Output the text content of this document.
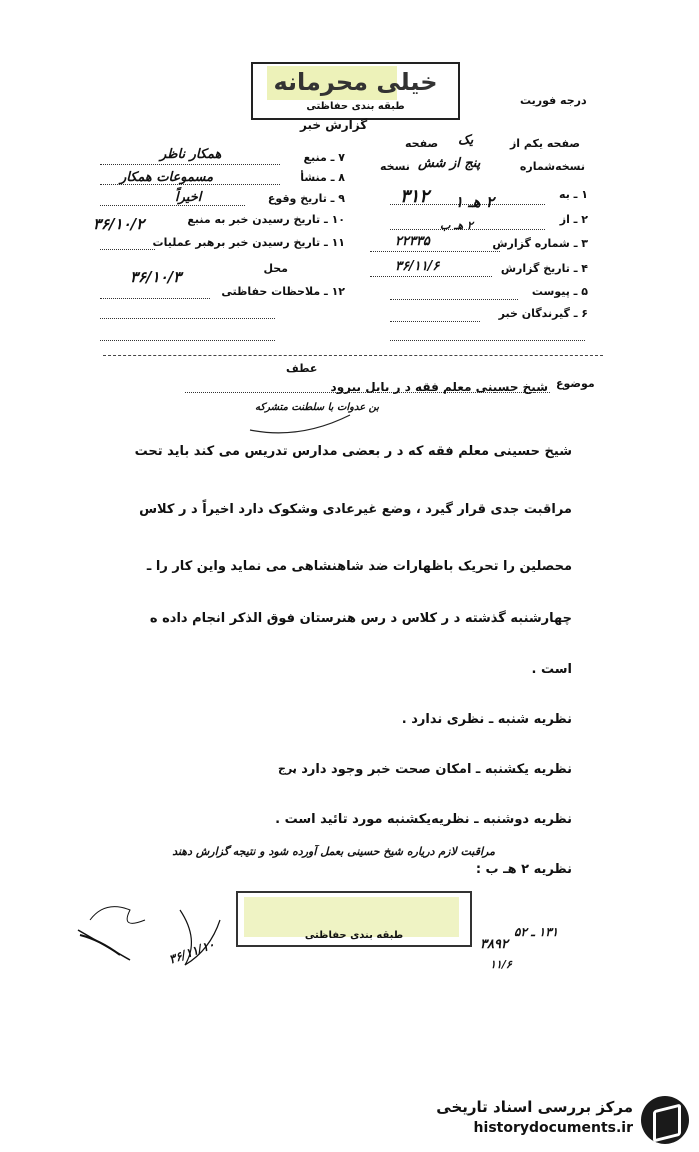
خیلی محرمانه
طبقه بندی حفاظتی	درجه فوریت
گزارش خبر
صفحه یکم از
یک
صفحه
نسخه‌شماره
پنج از شش
نسخه
۱ ـ به
۳۱۲
۲ ـ از
۲ هـ ۱
۲ هـ ب
۳ ـ شماره گزارش
۲۲۳۳۵
۴ ـ تاریخ گزارش
۳۶/۱۱/۶
۵ ـ پیوست
۶ ـ گیرندگان خبر
۷ ـ منبع
همکار ناظر
۸ ـ منشأ
مسموعات همکار
۹ ـ تاریخ وقوع
اخیراً
۱۰ ـ تاریخ رسیدن خبر به منبع
۳۶/۱۰/۲
۱۱ ـ تاریخ رسیدن خبر برهبر عملیات
محل
۳۶/۱۰/۳
۱۲ ـ ملاحظات حفاظتی
عطف
موضوع
شیخ حسینی معلم فقه د ر بابل بیرود
بن عدوات با سلطنت متشرکه
شیخ حسینی معلم فقه که د ر بعضی مدارس تدریس می کند باید تحت
مراقبت جدی قرار گیرد ، وضع غیرعادی وشکوک دارد اخیراً د ر کلاس
محصلین را تحریک باظهارات ضد شاهنشاهی می نماید واین کار را ـ
چهارشنبه گذشته د ر کلاس د رس هنرستان فوق الذکر انجام داده ه
است .
نظریه شنبه ـ نظری ندارد .
نظریه یکشنبه ـ امکان صحت خبر وجود دارد .
برج
نظریه دوشنبه ـ نظریه‌یکشنبه مورد تائید است .
نظریه ۲ هـ ب :
مراقبت لازم دریاره شیخ حسینی بعمل آورده شود و نتیجه گزارش دهند
طبقه بندی حفاظتی	۱۳۱ ـ ۵۲
۳۸۹۲
۱۱/۶
۳۶/۱۱/۱۰
مرکز بررسی اسناد تاریخی
historydocuments.ir
